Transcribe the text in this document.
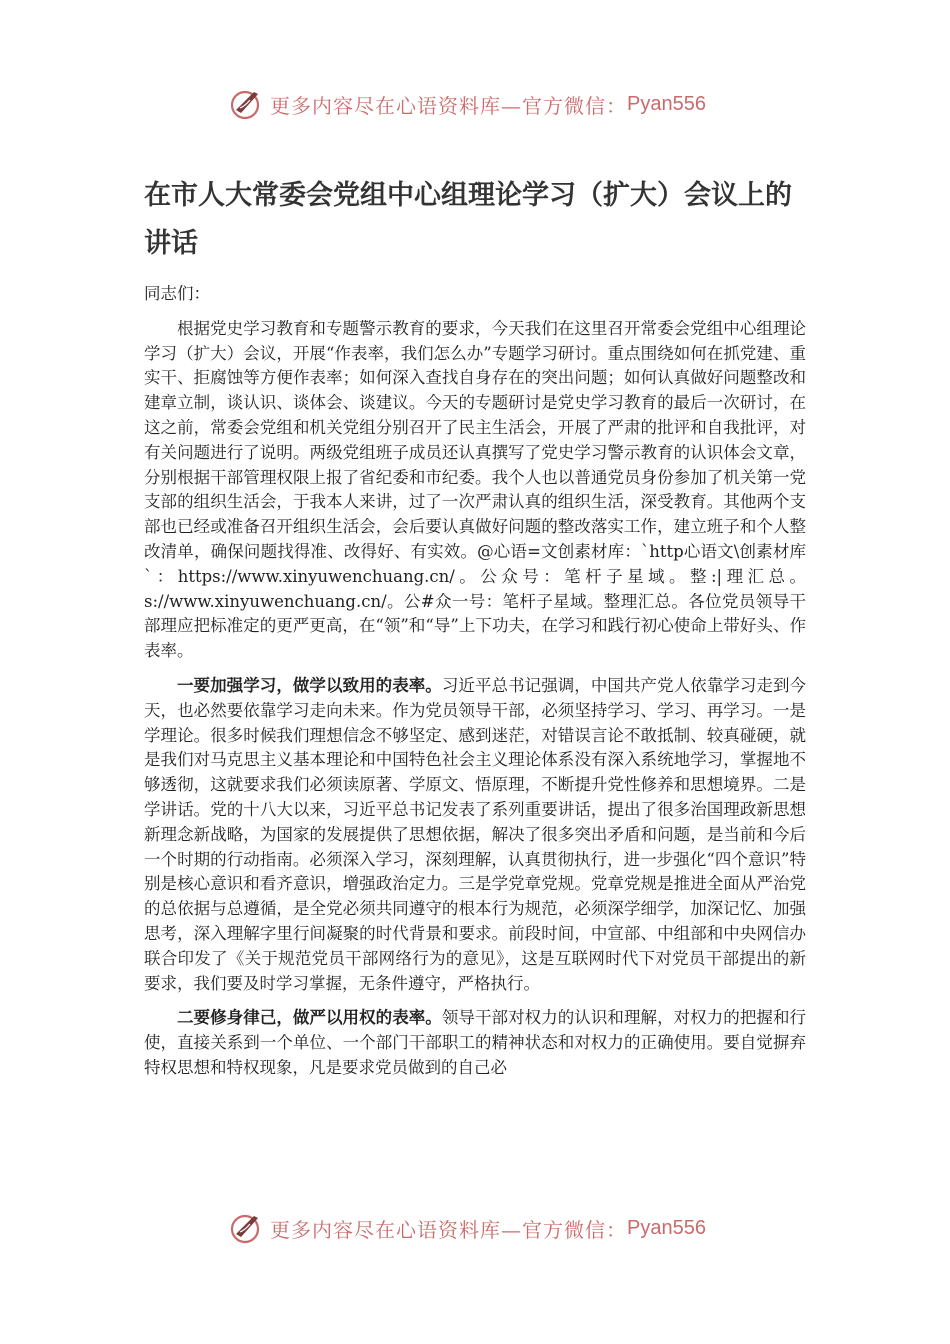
更多内容尽在心语资料库—官方微信： Pyan556
在市人大常委会党组中心组理论学习（扩大）会议上的讲话

同志们：

根据党史学习教育和专题警示教育的要求，今天我们在这里召开常委会党组中心组理论学习（扩大）会议，开展“作表率，我们怎么办”专题学习研讨。重点围绕如何在抓党建、重实干、拒腐蚀等方便作表率；如何深入查找自身存在的突出问题；如何认真做好问题整改和建章立制，谈认识、谈体会、谈建议。今天的专题研讨是党史学习教育的最后一次研讨，在这之前，常委会党组和机关党组分别召开了民主生活会，开展了严肃的批评和自我批评，对有关问题进行了说明。两级党组班子成员还认真撰写了党史学习警示教育的认识体会文章，分别根据干部管理权限上报了省纪委和市纪委。我个人也以普通党员身份参加了机关第一党支部的组织生活会，于我本人来讲，过了一次严肃认真的组织生活，深受教育。其他两个支部也已经或准备召开组织生活会，会后要认真做好问题的整改落实工作，建立班子和个人整改清单，确保问题找得准、改得好、有实效。@心语=文创素材库：`http心语文\创素材库`：https://www.xinyuwenchuang.cn/。公众号：笔杆子星域。整:|理汇总。s://www.xinyuwenchuang.cn/。公#众一号：笔杆子星域。整理汇总。各位党员领导干部理应把标准定的更严更高，在“领”和“导”上下功夫，在学习和践行初心使命上带好头、作表率。

一要加强学习，做学以致用的表率。习近平总书记强调，中国共产党人依靠学习走到今天，也必然要依靠学习走向未来。作为党员领导干部，必须坚持学习、学习、再学习。一是学理论。很多时候我们理想信念不够坚定、感到迷茫，对错误言论不敢抵制、较真碰硬，就是我们对马克思主义基本理论和中国特色社会主义理论体系没有深入系统地学习，掌握地不够透彻，这就要求我们必须读原著、学原文、悟原理，不断提升党性修养和思想境界。二是学讲话。党的十八大以来，习近平总书记发表了系列重要讲话，提出了很多治国理政新思想新理念新战略，为国家的发展提供了思想依据，解决了很多突出矛盾和问题，是当前和今后一个时期的行动指南。必须深入学习，深刻理解，认真贯彻执行，进一步强化“四个意识”特别是核心意识和看齐意识，增强政治定力。三是学党章党规。党章党规是推进全面从严治党的总依据与总遵循，是全党必须共同遵守的根本行为规范，必须深学细学，加深记忆、加强思考，深入理解字里行间凝聚的时代背景和要求。前段时间，中宣部、中组部和中央网信办联合印发了《关于规范党员干部网络行为的意见》，这是互联网时代下对党员干部提出的新要求，我们要及时学习掌握，无条件遵守，严格执行。

二要修身律己，做严以用权的表率。领导干部对权力的认识和理解，对权力的把握和行使，直接关系到一个单位、一个部门干部职工的精神状态和对权力的正确使用。要自觉摒弃特权思想和特权现象，凡是要求党员做到的自己必

更多内容尽在心语资料库—官方微信： Pyan556
